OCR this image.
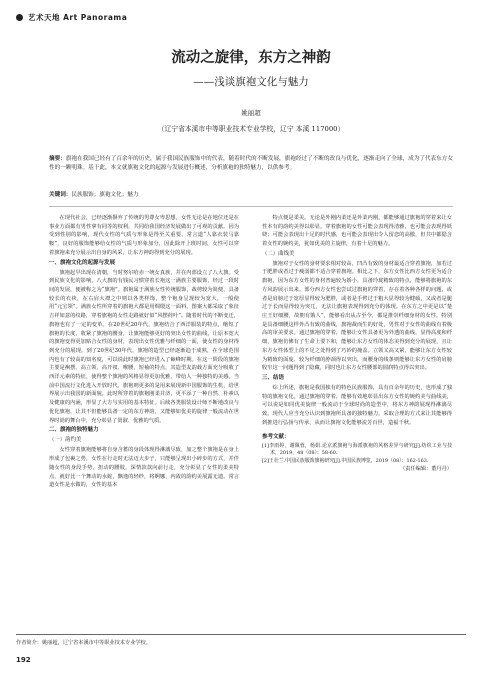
艺术天地 Art Panorama
流动之旋律，东方之神韵
——浅谈旗袍文化与魅力
姚丽超
（辽宁省本溪市中等职业技术专业学校，辽宁 本溪 117000）
摘要：旗袍在我国已经有了百余年的历史，属于我国民族服饰中的代表，随着时代的不断发展，旗袍经过了不断的改良与优化，逐渐走向了全球，成为了代表东方女性的一颗明珠。基于此，本文就旗袍文化的起源与发展进行概述，分析旗袍的独特魅力，以供参考。
关键词：民族服饰；旗袍文化；魅力

在现代社会，已经逐渐摒弃了传统的男尊女卑思想，女性无论是在地位还是在事业方面都有男性拿有同等的权利，共同给我国经济发展做出了可观的贡献。因为受到性别的影响，现代女性的气质与形象是得至关重要，常言道“人靠衣装马靠鞍”，良好的服饰能够给女性的气质与形象加分，因此除开上班时间，女性可以穿着旗袍来充分展示出自身的风采，让东方神韵得到充分的展现。

一、旗袍文化的起源与发展

旗袍起早出现在清朝，当时努尔哈赤一统女真族，并在内部设立了八大旗。受到民族文化的影响，八大旗的有钱民习惯穿着长袍这一满族主要服饰，经过一段时间的发展，便被称之为“旗袍”。旗袍属于满族女性传统服饰，裁剪较为简便，具备较长的衣袂，在右肩大襟之中则以各类样饰，整个袍身呈现较为宽大，一般使用“元宝领”。满族女性所穿着的旗袍大都是用绸缎这一面料，图案大都采取了象征吉祥如意的纹路，穿着旗袍的女性走路就好似“风摆荷叶”。随着时代的不断变迁，旗袍也有了一定的变革。在20世纪20年代，旗袍结合了西洋服装的特点，缩短了旗袍的长度，收紧了旗袍的腰身，让旗袍能够更好的突出女性的曲线，让原本宽大的旗袍变得更加贴合女性的身材，表现出女性优雅与纤细的一面，使女性的身材得到充分的展现。到了20世纪30年代，旗袍的造型已经逐渐趋于成熟，在全球范围内也有了较高的知名度，可以说此时旗袍已经进入了巅峰时期。在这一阶段的旗袍主要是裥摆、高立领、高开衩、喉腰、短袖的特点，其造型友韵载方面充分吸收了西洋元素的特征，使得整个旗袍的风格显得更加优雅，带给人一种独特的美感。当前中国流行文化进入开放时代，旗袍则更多的是用来展现新中国服饰的生机，给世界展示出我国的新面貌。此时所穿着的旗袍刚柔并济，更平添了一种自然、朴素以及健康的内涵，形显了大方与实用的基本特征。后续各类服装设计师不断地改良与优化旗袍，让其不但能够具备一定的东方神韵，又能够如优美的旋律一般流动在世界时尚的舞台中，充分彰显了贤淑、优雅的气质。

二、旗袍的独特魅力
（一）韵约美

女性穿着旗袍能够将自身含蓄的身段体现得淋漓尽致，加之整个旗袍是在身上形成了包裹之势，女性在行走时无法迈大步子，只能够呈现出小碎步的方式，并伴随女性的身段手势，扭动的腰肢，深情款款向前行走，充分彰显了女性的柔美特点，就好比一个舞动的水蛇，飘逸的轻纱，将婀娜、内敛的韵约美展露无遗。常言道女性是水做的，女性的基本

特点便是柔美。无论是外刚内柔还是外柔内刚，都能够通过旗袍的穿着来让女性本有的韵约美得以彰显。穿着旗袍的女性可能会表现得清雅，也可能会表现得妖娆；可能会表现出十足的时代感，也可能会表现出令人留恋的高傲，但共中都隐含着女性的婉约美，犹如优美的主旋律，有着十足的魅力。

（二）曲线美

旗袍对于女性的身材要求相对较高，凹凸有致的身材最适合穿着旗袍，加若过于肥胖或者过于瘦弱都不适合穿着旗袍。相比之下，东方女性比西方女性更为适合旗袍，因为东方女性的身材普遍较为娇小，具备玲珑精致的特点，能够将旗袍的东方风韵展示出来。部分西方女性也尝试过旗袍的穿着，存在着各种各样的问题，或者是肩膀过于宽厚显得较为肥胖，或者是手臂过于粗大显得较为健硕，又或者是腿过于长而显得较为突兀，无法让旗袍表现得到充分的体现。在东方之中更是以“楚庄王好细腰，故朝有饿人”，能够看出从古至今，都是推崇纤细身材的女性。特别是具备细腰这样外凸有致的曲线，旗袍裁而生的好处，男性对于女性的曲线有着极高的审美要求。通过旗袍的穿着，能够让女性具备更为外透的曲线，显得高度和纤细，旗袍仿佛有了生命上要下和，能够让东方女性的体态美得到充分的展现，且让东方女性体型上的不足之处得到了巧妙的掩盖。立领又高又紧，能够让东方女性较为精致的面庞、较为纤细的脖颈得以突出，而腰身的线条则能够让东方女性的肩膀收窄这一问题得到了隐藏，同时也让东方女性腰部的圆润特点得以突出。

三、结语

综上所述，旗袍是我国独有的特色民族服饰，具有百余年的历史，也形成了独特的旗袍文化。通过旗袍的穿着，能够有效地彰显出东方女性的婉约美与曲线美，可以说是如同优美旋律一般流动于全球时尚的造型中，将东方神韵展现得淋漓尽致。现代人应当充分认识到旗袍所具备的独特魅力，采取合理的方式来让其能够得到推进行弘扬与传承，从而让旗袍文化能够流芳百世，造福千秋。

参考文献：

[1]李雨婷，谢佩蓉，杨娟.论京派旗袍与海派旗袍的风格差异与研究[J].纺织工业与技术，2019，48（08）：58-60.

[2]王壮兰.中国民族服饰旗袍研究[J].中国民族博览，2019（08）：162-163.

（责任编辑：董丹丹）

作者简介：姚丽超，辽宁省本溪市中等职业技术专业学校。
192
